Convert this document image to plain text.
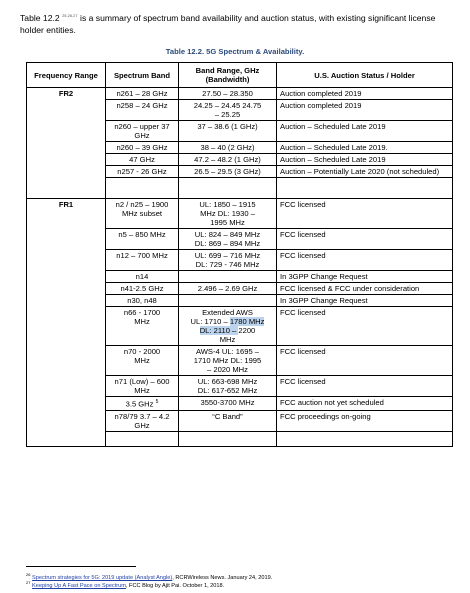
Table 12.2 $^{25,26,27}$ is a summary of spectrum band availability and auction status, with existing significant license holder entities.
Table 12.2. 5G Spectrum & Availability.
Frequency Range	Spectrum Band	Band Range, GHz (Bandwidth)	U.S. Auction Status / Holder
FR2	n261 – 28 GHz	27.50 – 28.350	Auction completed 2019
	n258 – 24 GHz	24.25 – 24.45 24.75 – 25.25	Auction completed 2019
	n260 – upper 37 GHz	37 – 38.6 (1 GHz)	Auction – Scheduled Late 2019
	n260 – 39 GHz	38 – 40 (2 GHz)	Auction – Scheduled Late 2019.
	47 GHz	47.2 – 48.2 (1 GHz)	Auction – Scheduled Late 2019
	n257 - 26 GHz	26.5 – 29.5 (3 GHz)	Auction – Potentially Late 2020 (not scheduled)

FR1	n2 / n25 – 1900 MHz subset	UL: 1850 – 1915 MHz DL: 1930 – 1995 MHz	FCC licensed
	n5 – 850 MHz	UL: 824 – 849 MHz DL: 869 – 894 MHz	FCC licensed
	n12 – 700 MHz	UL: 699 – 716 MHz DL: 729 - 746 MHz	FCC licensed
	n14		In 3GPP Change Request
	n41-2.5 GHz	2.496 – 2.69 GHz	FCC licensed & FCC under consideration
	n30, n48		In 3GPP Change Request
	n66 - 1700 MHz	Extended AWS
UL: 1710 – 1780 MHz
DL: 2110 – 2200
MHz	FCC licensed
	n70 - 2000 MHz	AWS-4 UL: 1695 – 1710 MHz DL: 1995 – 2020 MHz	FCC licensed
	n71 (Low) – 600 MHz	UL: 663-698 MHz DL: 617-652 MHz	FCC licensed
	3.5 GHz $^5$	3550-3700 MHz	FCC auction not yet scheduled
	n78/79 3.7 – 4.2 GHz	“C Band”	FCC proceedings on-going

$^{26}$ Spectrum strategies for 5G: 2019 update (Analyst Angle), RCRWireless News. January 24, 2019.
$^{27}$ Keeping Up A Fast Pace on Spectrum, FCC Blog by Ajit Pai. October 1, 2018.
